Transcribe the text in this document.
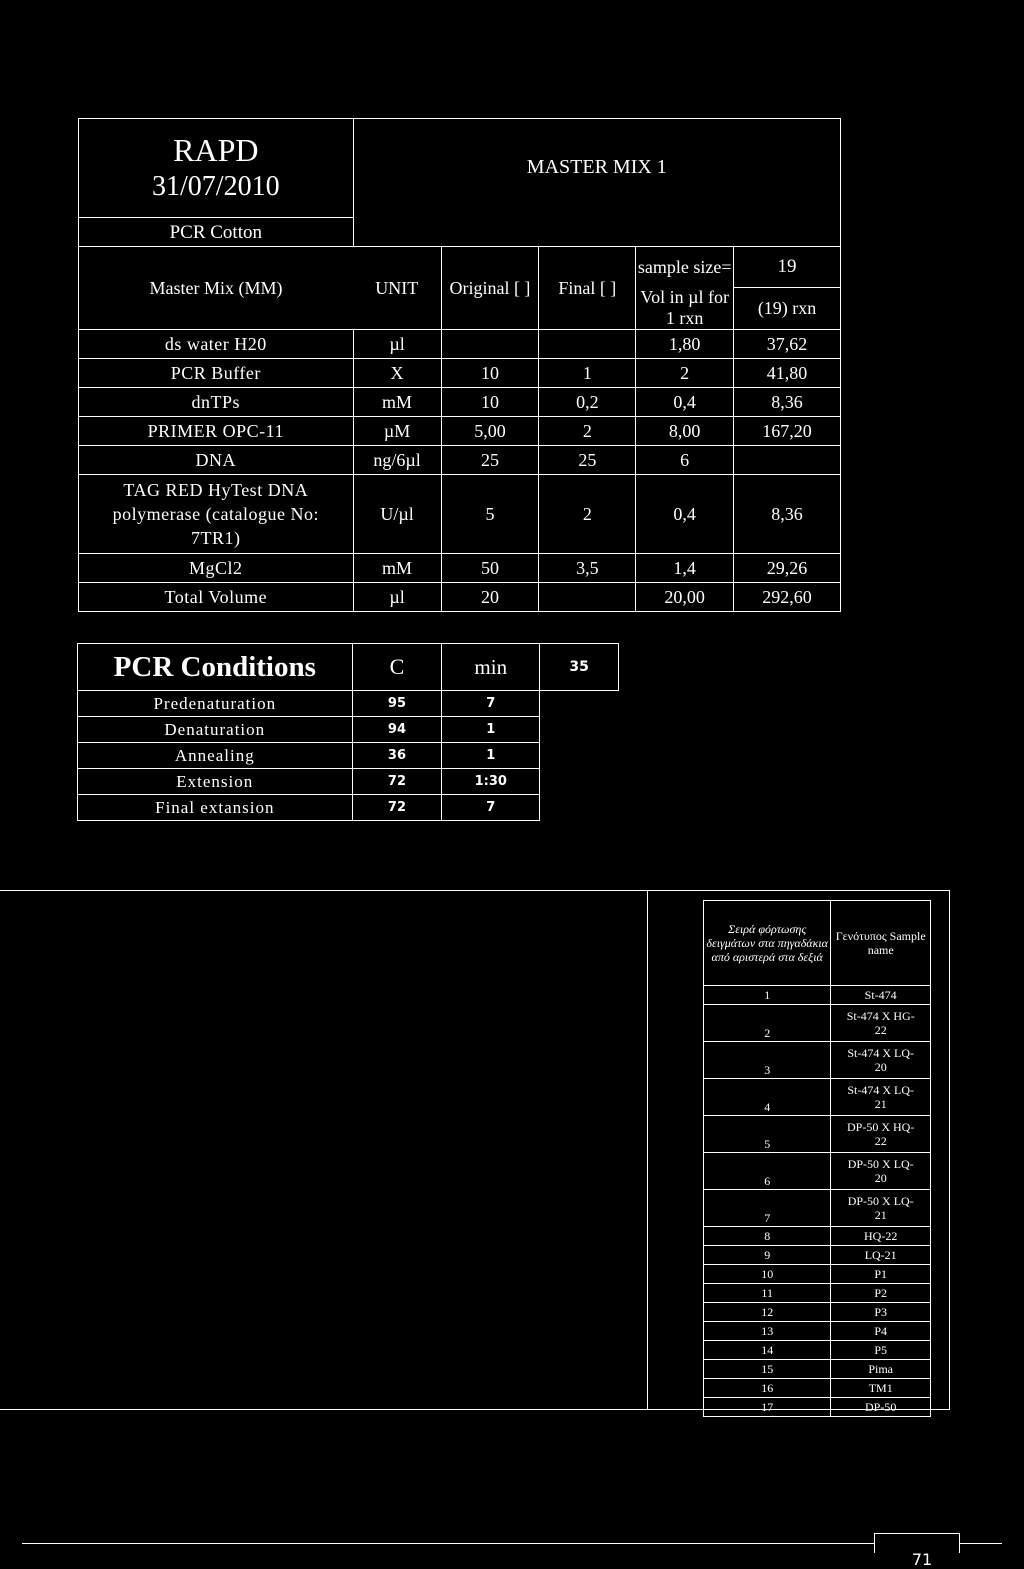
RAPD
31/07/2010	MASTER MIX 1				
PCR Cotton					
Master Mix (MM)	UNIT	Original [ ]	Final [ ]	sample size=	19
				Vol in µl for 1 rxn	(19) rxn
ds water H20	µl			1,80	37,62
PCR Buffer	X	10	1	2	41,80
dnTPs	mM	10	0,2	0,4	8,36
PRIMER OPC-11	µM	5,00	2	8,00	167,20
DNA	ng/6µl	25	25	6	
TAG RED HyTest DNA polymerase (catalogue No: 7TR1)	U/µl	5	2	0,4	8,36
MgCl2	mM	50	3,5	1,4	29,26
Total Volume	µl	20		20,00	292,60
PCR Conditions	C	min	35
Predenaturation	95	7	
Denaturation	94	1	
Annealing	36	1	
Extension	72	1:30	
Final extansion	72	7	
Σειρά φόρτωσης δειγμάτων στα πηγαδάκια από αριστερά στα δεξιά	Γενότυπος Sample name
1	St-474
2	St-474 X HG-22
3	St-474 X LQ-20
4	St-474 X LQ-21
5	DP-50 X HQ-22
6	DP-50 X LQ-20
7	DP-50 X LQ-21
8	HQ-22
9	LQ-21
10	P1
11	P2
12	P3
13	P4
14	P5
15	Pima
16	TM1
17	DP-50
71
